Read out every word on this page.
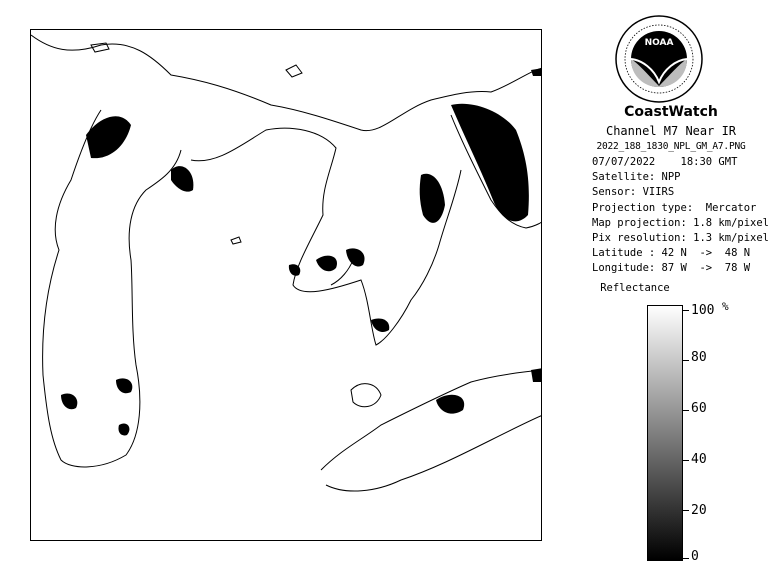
NOAA
CoastWatch
Channel M7 Near IR
2022_188_1830_NPL_GM_A7.PNG
07/07/2022    18:30 GMT
Satellite: NPP
Sensor: VIIRS
Projection type:  Mercator
Map projection: 1.8 km/pixel
Pix resolution: 1.3 km/pixel
Latitude : 42 N  ->  48 N
Longitude: 87 W  ->  78 W
Reflectance
%
100
80
60
40
20
0
